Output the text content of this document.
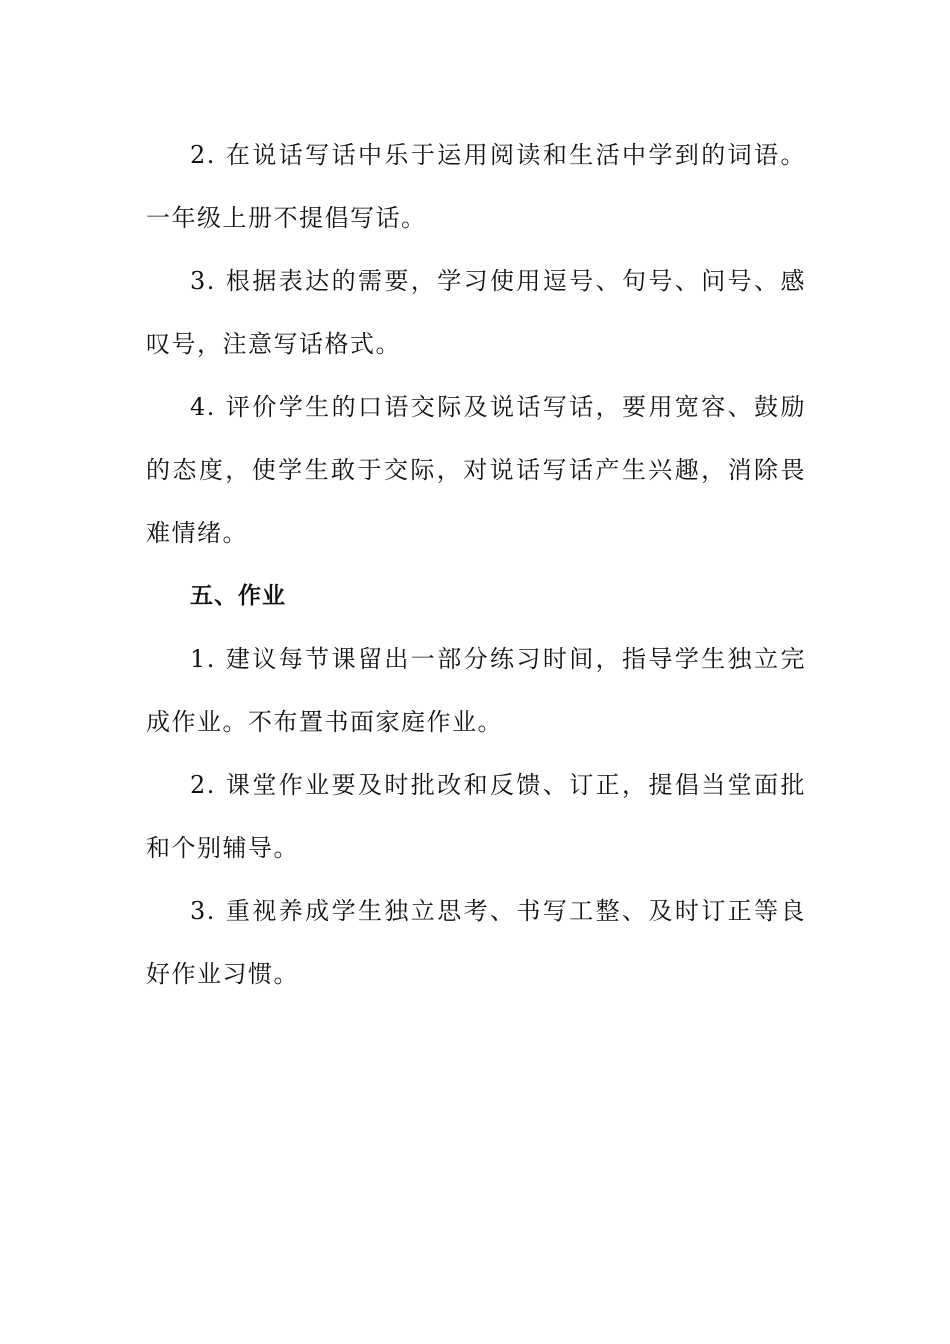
2. 在说话写话中乐于运用阅读和生活中学到的词语。一年级上册不提倡写话。

3. 根据表达的需要，学习使用逗号、句号、问号、感叹号，注意写话格式。

4. 评价学生的口语交际及说话写话，要用宽容、鼓励的态度，使学生敢于交际，对说话写话产生兴趣，消除畏难情绪。

五、作业

1. 建议每节课留出一部分练习时间，指导学生独立完成作业。不布置书面家庭作业。

2. 课堂作业要及时批改和反馈、订正，提倡当堂面批和个别辅导。

3. 重视养成学生独立思考、书写工整、及时订正等良好作业习惯。
